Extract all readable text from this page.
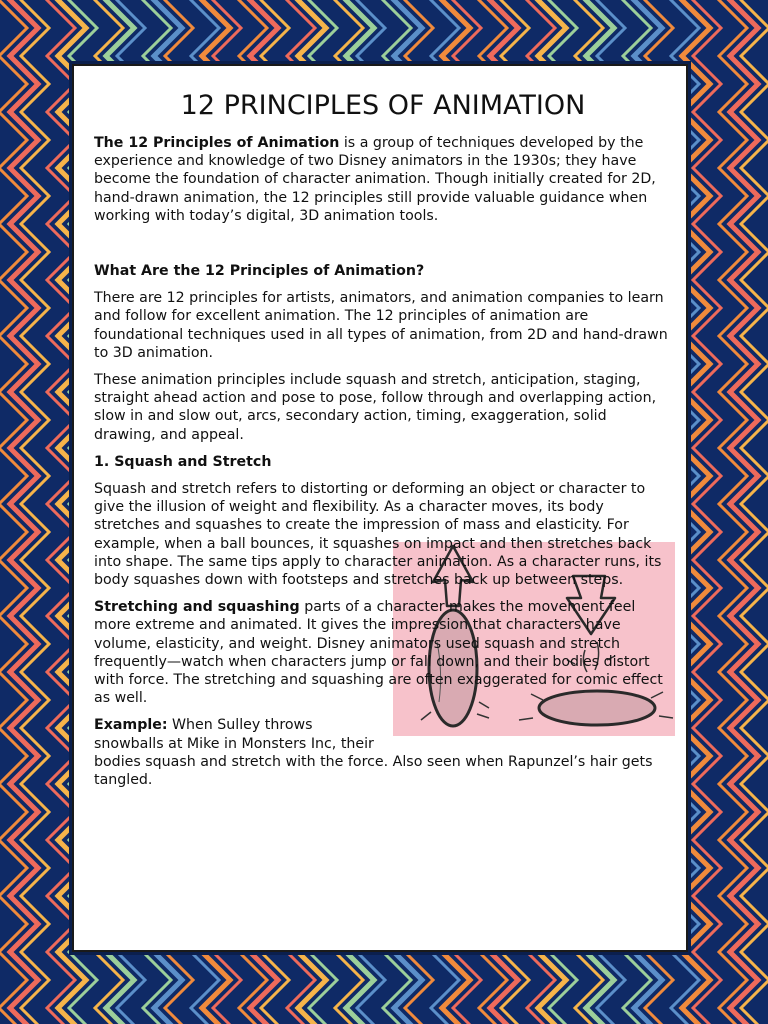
12 PRINCIPLES OF ANIMATION

The 12 Principles of Animation is a group of techniques developed by the experience and knowledge of two Disney animators in the 1930s; they have become the foundation of character animation. Though initially created for 2D, hand-drawn animation, the 12 principles still provide valuable guidance when working with today’s digital, 3D animation tools.

What Are the 12 Principles of Animation?

There are 12 principles for artists, animators, and animation companies to learn and follow for excellent animation. The 12 principles of animation are foundational techniques used in all types of animation, from 2D and hand-drawn to 3D animation.

These animation principles include squash and stretch, anticipation, staging, straight ahead action and pose to pose, follow through and overlapping action, slow in and slow out, arcs, secondary action, timing, exaggeration, solid drawing, and appeal.

1. Squash and Stretch

Squash and stretch refers to distorting or deforming an object or character to give the illusion of weight and flexibility. As a character moves, its body stretches and squashes to create the impression of mass and elasticity. For example, when a ball bounces, it squashes on impact and then stretches back into shape. The same tips apply to character animation. As a character runs, its body squashes down with footsteps and stretches back up between steps.

Stretching and squashing parts of a character makes the movement feel more extreme and animated. It gives the impression that characters have volume, elasticity, and weight. Disney animators used squash and stretch frequently—watch when characters jump or fall down, and their bodies distort with force. The stretching and squashing are often exaggerated for comic effect as well.

Example: When Sulley throws snowballs at Mike in Monsters Inc, their bodies squash and stretch with the force. Also seen when Rapunzel’s hair gets tangled.
